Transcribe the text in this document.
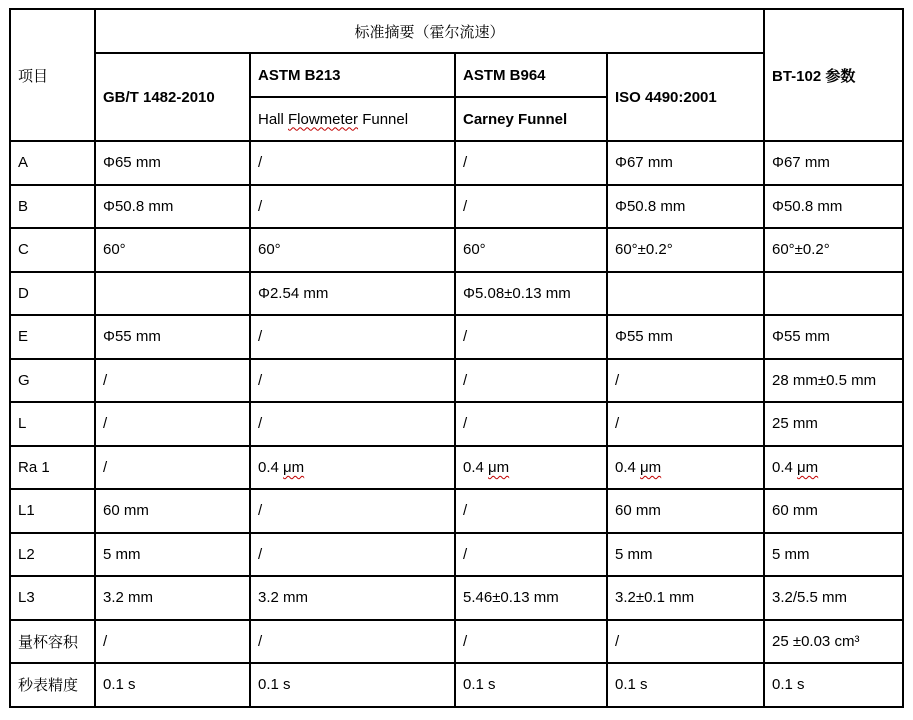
项目	标准摘要（霍尔流速）				BT-102 参数
	GB/T 1482-2010	ASTM B213	ASTM B964	ISO 4490:2001	
		Hall Flowmeter Funnel	Carney Funnel		
A	Φ65 mm	/	/	Φ67 mm	Φ67 mm
B	Φ50.8 mm	/	/	Φ50.8 mm	Φ50.8 mm
C	60°	60°	60°	60°±0.2°	60°±0.2°
D		Φ2.54 mm	Φ5.08±0.13 mm		
E	Φ55 mm	/	/	Φ55 mm	Φ55 mm
G	/	/	/	/	28 mm±0.5 mm
L	/	/	/	/	25 mm
Ra 1	/	0.4 μm	0.4 μm	0.4 μm	0.4 μm
L1	60 mm	/	/	60 mm	60 mm
L2	5 mm	/	/	5 mm	5 mm
L3	3.2 mm	3.2 mm	5.46±0.13 mm	3.2±0.1 mm	3.2/5.5 mm
量杯容积	/	/	/	/	25 ±0.03 cm³
秒表精度	0.1 s	0.1 s	0.1 s	0.1 s	0.1 s
